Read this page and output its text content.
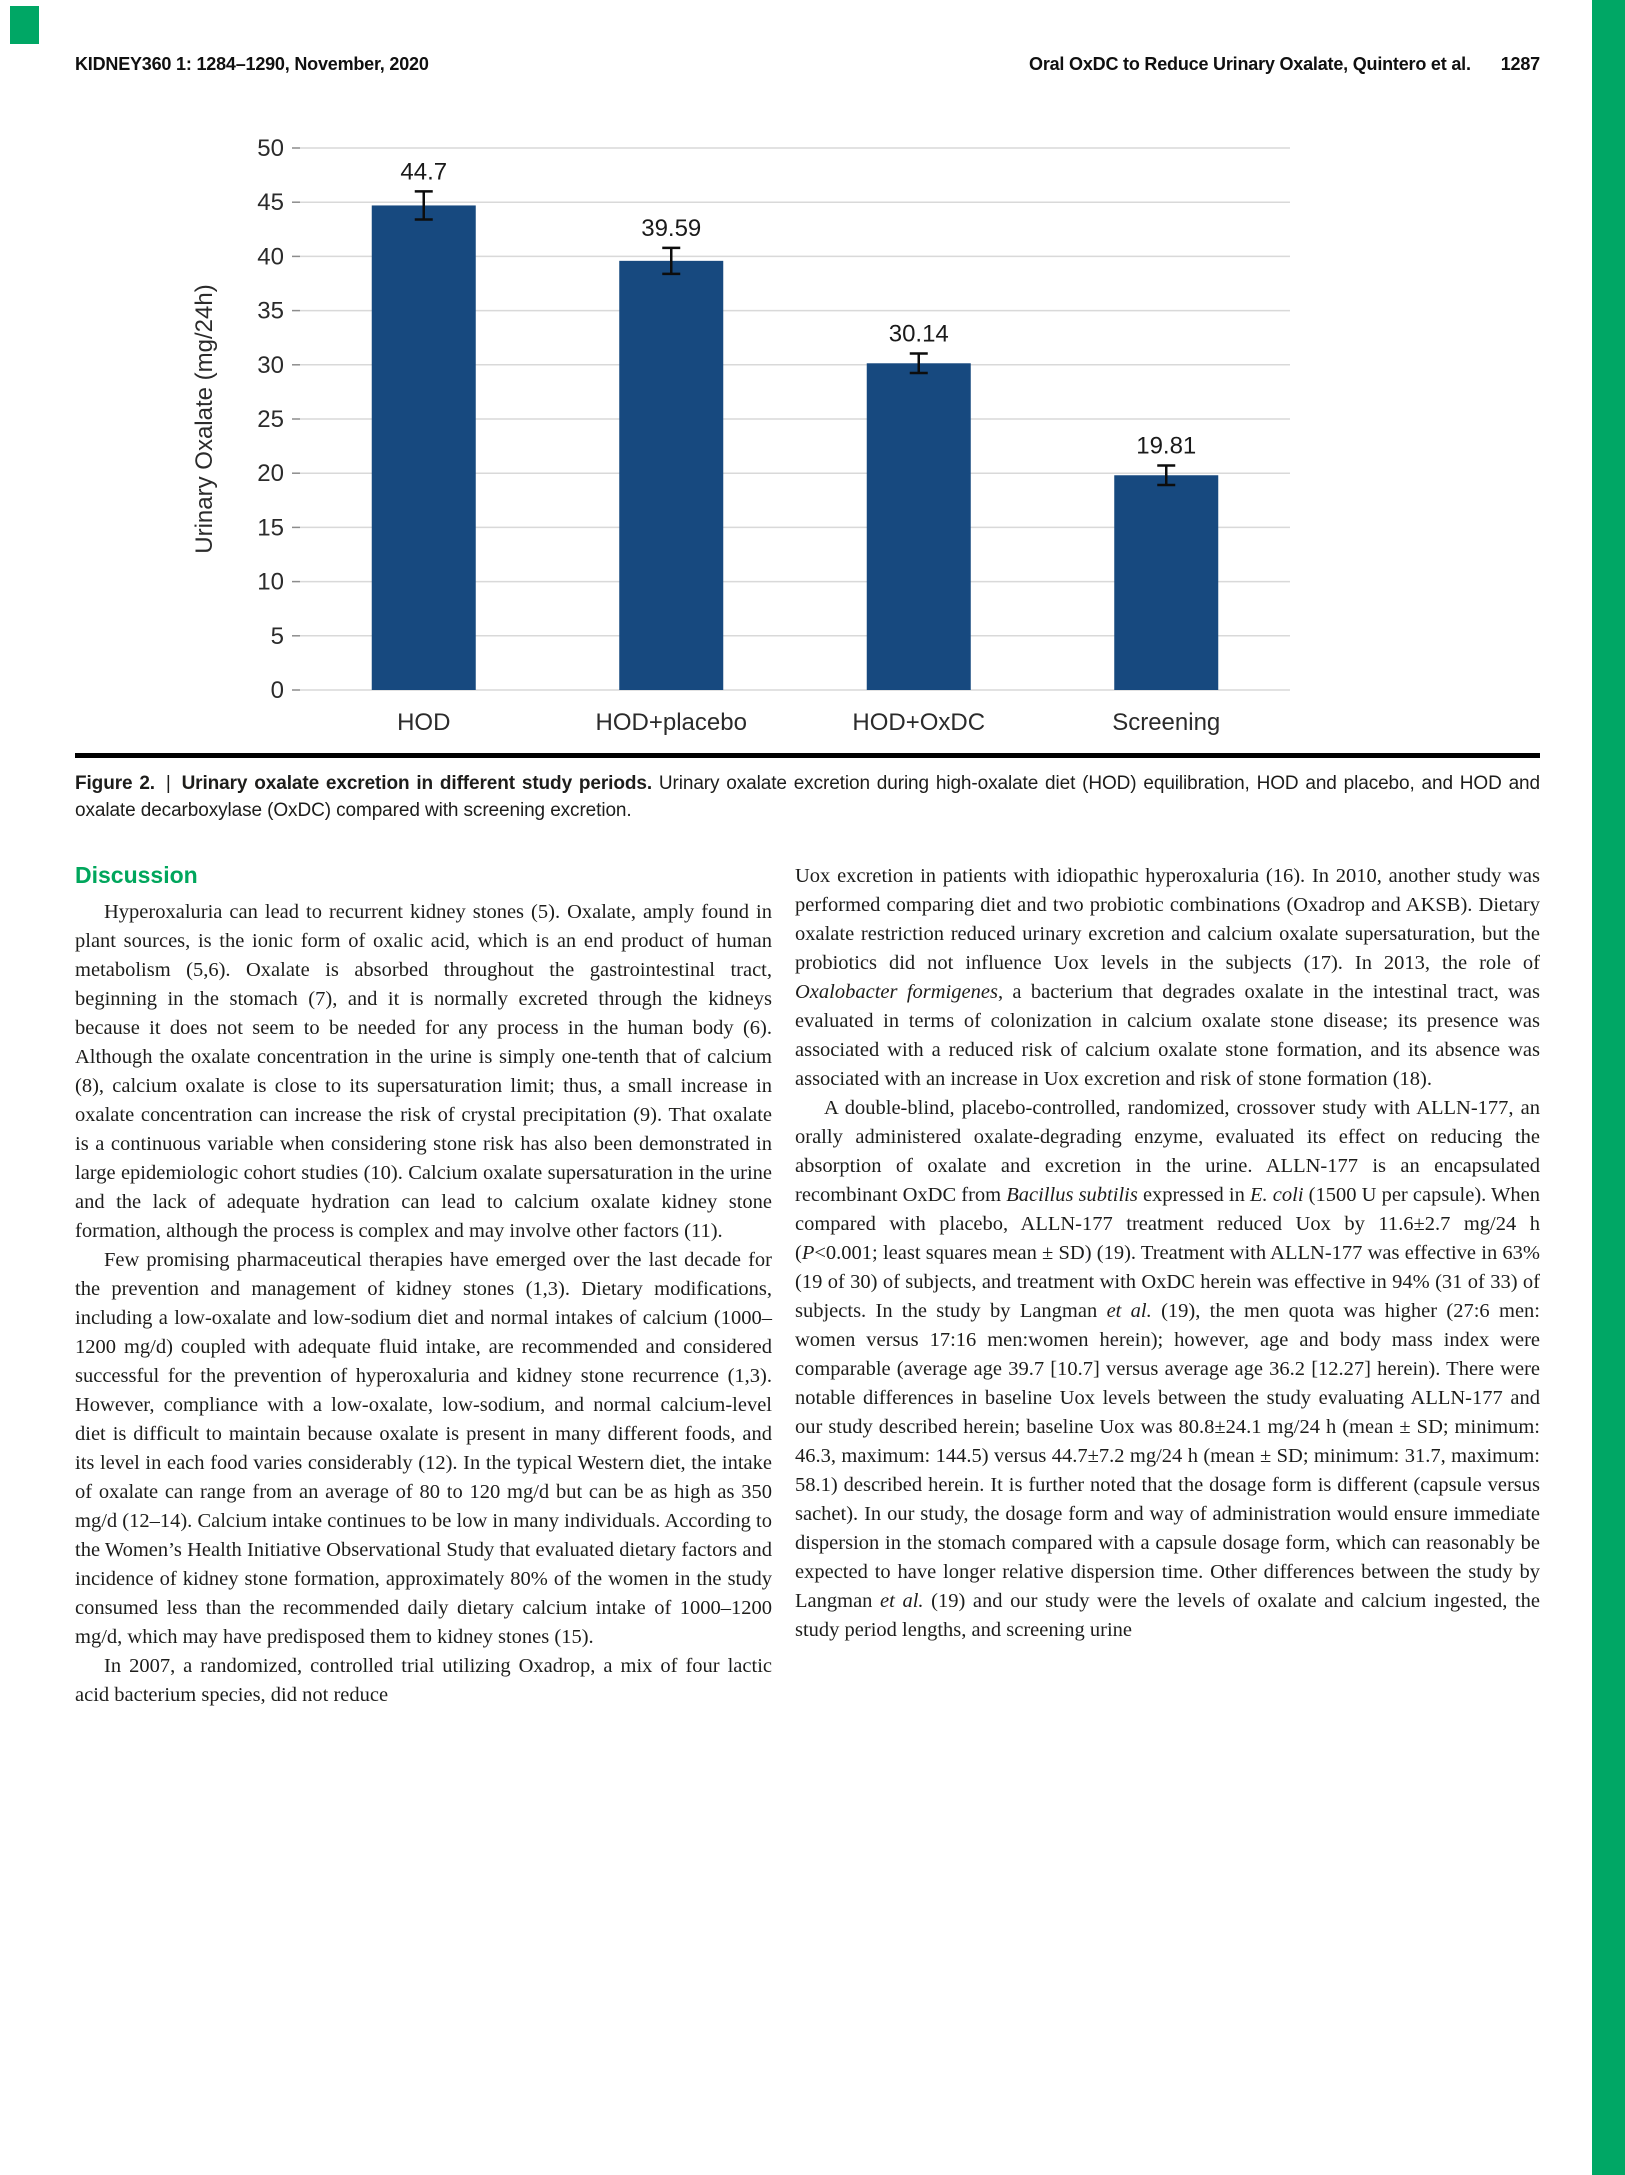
KIDNEY360 1: 1284–1290, November, 2020	Oral OxDC to Reduce Urinary Oxalate, Quintero et al. 1287
0
5
10
15
20
25
30
35
40
45
50
44.7
HOD
39.59
HOD+placebo
30.14
HOD+OxDC
19.81
Screening
Urinary Oxalate (mg/24h)

Figure 2. | Urinary oxalate excretion in different study periods. Urinary oxalate excretion during high-oxalate diet (HOD) equilibration, HOD and placebo, and HOD and oxalate decarboxylase (OxDC) compared with screening excretion.

Discussion

Hyperoxaluria can lead to recurrent kidney stones (5). Oxalate, amply found in plant sources, is the ionic form of oxalic acid, which is an end product of human metabolism (5,6). Oxalate is absorbed throughout the gastrointestinal tract, beginning in the stomach (7), and it is normally excreted through the kidneys because it does not seem to be needed for any process in the human body (6). Although the oxalate concentration in the urine is simply one-tenth that of calcium (8), calcium oxalate is close to its supersaturation limit; thus, a small increase in oxalate concentration can increase the risk of crystal precipitation (9). That oxalate is a continuous variable when considering stone risk has also been demonstrated in large epidemiologic cohort studies (10). Calcium oxalate supersaturation in the urine and the lack of adequate hydration can lead to calcium oxalate kidney stone formation, although the process is complex and may involve other factors (11).

Few promising pharmaceutical therapies have emerged over the last decade for the prevention and management of kidney stones (1,3). Dietary modifications, including a low-oxalate and low-sodium diet and normal intakes of calcium (1000–1200 mg/d) coupled with adequate fluid intake, are recommended and considered successful for the prevention of hyperoxaluria and kidney stone recurrence (1,3). However, compliance with a low-oxalate, low-sodium, and normal calcium-level diet is difficult to maintain because oxalate is present in many different foods, and its level in each food varies considerably (12). In the typical Western diet, the intake of oxalate can range from an average of 80 to 120 mg/d but can be as high as 350 mg/d (12–14). Calcium intake continues to be low in many individuals. According to the Women’s Health Initiative Observational Study that evaluated dietary factors and incidence of kidney stone formation, approximately 80% of the women in the study consumed less than the recommended daily dietary calcium intake of 1000–1200 mg/d, which may have predisposed them to kidney stones (15).

In 2007, a randomized, controlled trial utilizing Oxadrop, a mix of four lactic acid bacterium species, did not reduce

Uox excretion in patients with idiopathic hyperoxaluria (16). In 2010, another study was performed comparing diet and two probiotic combinations (Oxadrop and AKSB). Dietary oxalate restriction reduced urinary excretion and calcium oxalate supersaturation, but the probiotics did not influence Uox levels in the subjects (17). In 2013, the role of Oxalobacter formigenes, a bacterium that degrades oxalate in the intestinal tract, was evaluated in terms of colonization in calcium oxalate stone disease; its presence was associated with a reduced risk of calcium oxalate stone formation, and its absence was associated with an increase in Uox excretion and risk of stone formation (18).

A double-blind, placebo-controlled, randomized, crossover study with ALLN-177, an orally administered oxalate-degrading enzyme, evaluated its effect on reducing the absorption of oxalate and excretion in the urine. ALLN-177 is an encapsulated recombinant OxDC from Bacillus subtilis expressed in E. coli (1500 U per capsule). When compared with placebo, ALLN-177 treatment reduced Uox by 11.6±2.7 mg/24 h (P<0.001; least squares mean ± SD) (19). Treatment with ALLN-177 was effective in 63% (19 of 30) of subjects, and treatment with OxDC herein was effective in 94% (31 of 33) of subjects. In the study by Langman et al. (19), the men quota was higher (27:6 men: women versus 17:16 men:women herein); however, age and body mass index were comparable (average age 39.7 [10.7] versus average age 36.2 [12.27] herein). There were notable differences in baseline Uox levels between the study evaluating ALLN-177 and our study described herein; baseline Uox was 80.8±24.1 mg/24 h (mean ± SD; minimum: 46.3, maximum: 144.5) versus 44.7±7.2 mg/24 h (mean ± SD; minimum: 31.7, maximum: 58.1) described herein. It is further noted that the dosage form is different (capsule versus sachet). In our study, the dosage form and way of administration would ensure immediate dispersion in the stomach compared with a capsule dosage form, which can reasonably be expected to have longer relative dispersion time. Other differences between the study by Langman et al. (19) and our study were the levels of oxalate and calcium ingested, the study period lengths, and screening urine
